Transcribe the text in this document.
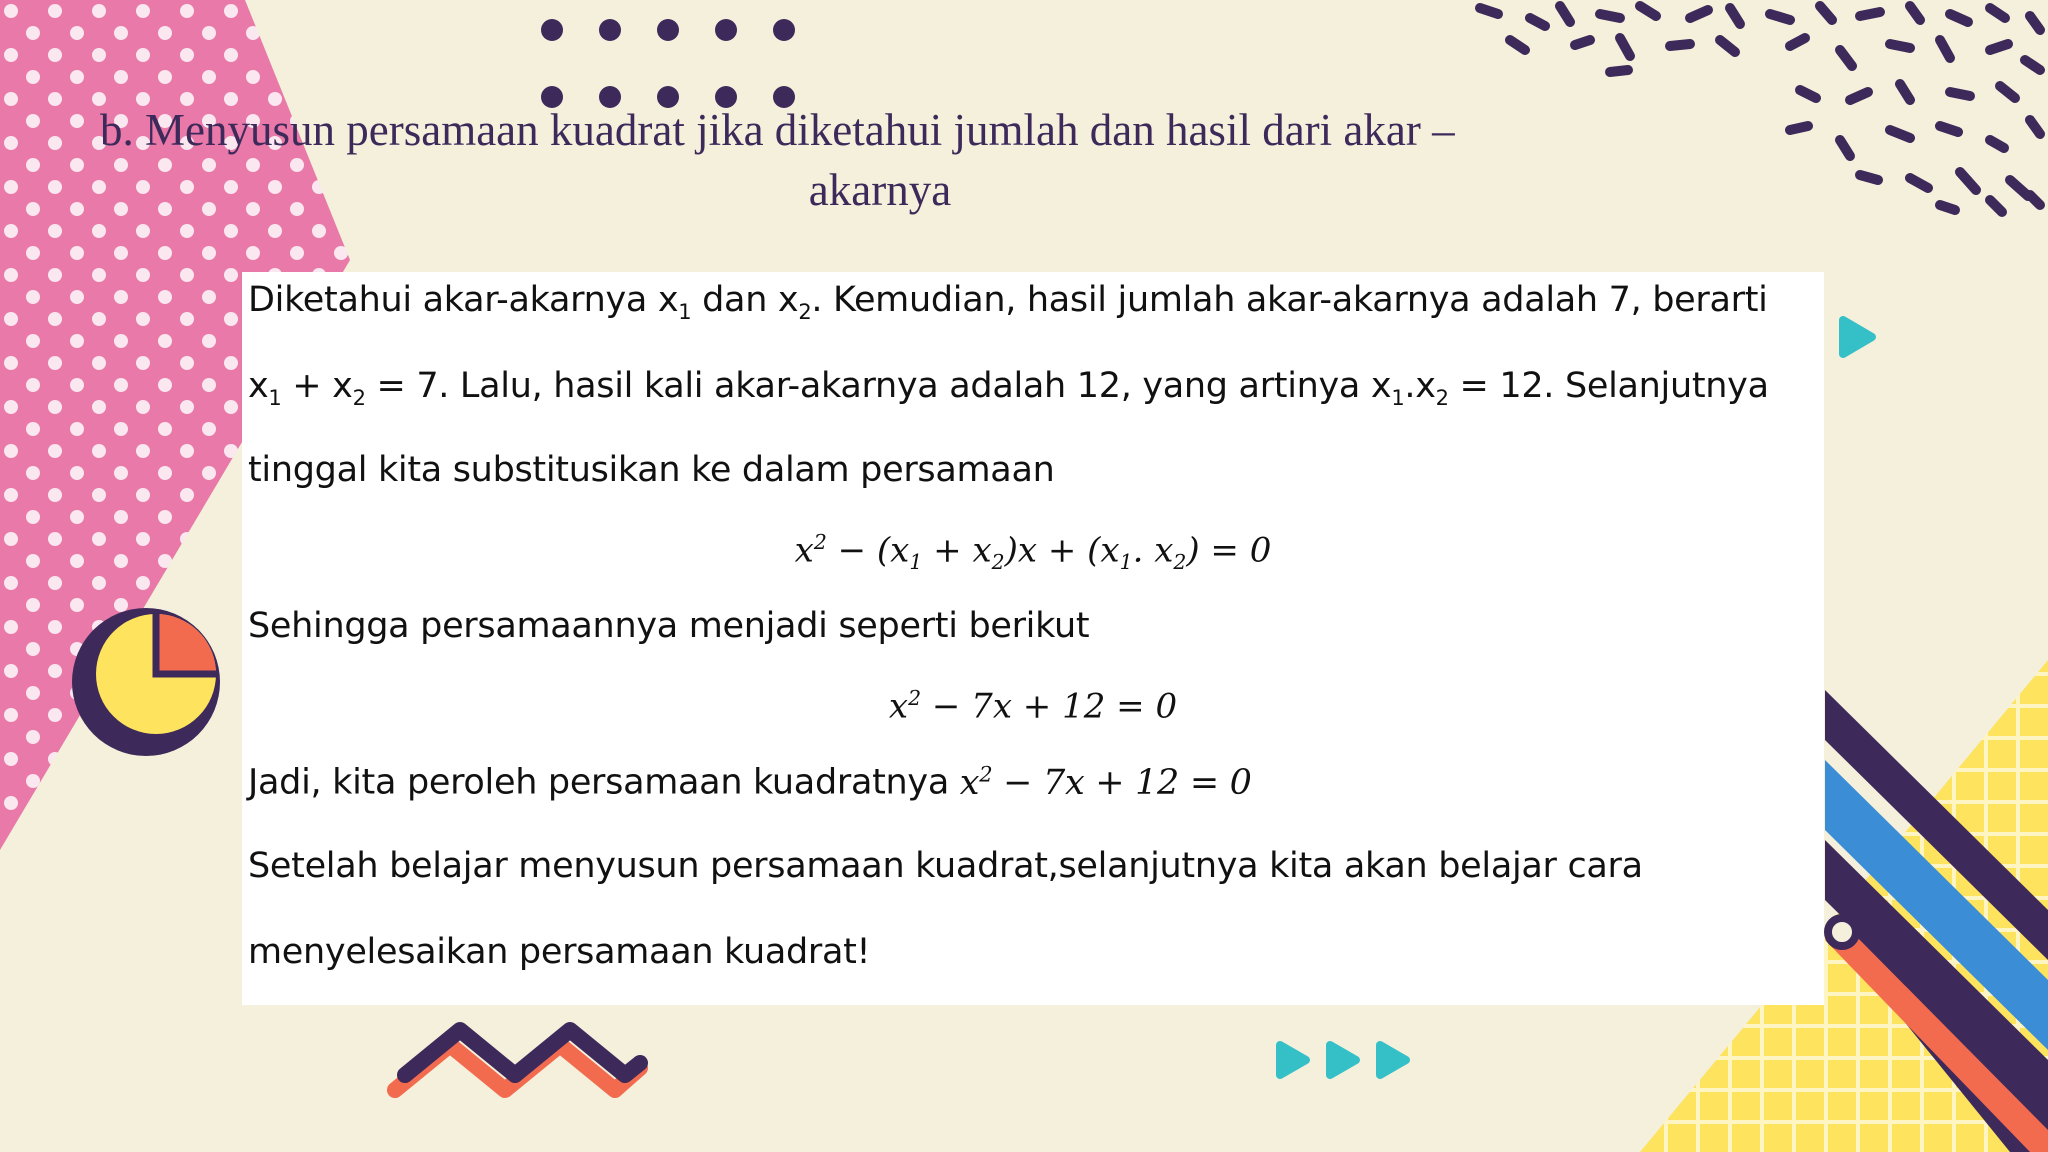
b. Menyusun persamaan kuadrat jika diketahui jumlah dan hasil dari akar –
akarnya
Diketahui akar-akarnya $x_1$ dan $x_2$. Kemudian, hasil jumlah akar-akarnya adalah 7, berarti
$x_1 + x_2 = 7$. Lalu, hasil kali akar-akarnya adalah 12, yang artinya $x_1.x_2 = 12$. Selanjutnya
tinggal kita substitusikan ke dalam persamaan
$x^2 - (x_1 + x_2)x + (x_1$. $x_2) = 0$
Sehingga persamaannya menjadi seperti berikut
$x^2 - 7x + 12 = 0$
Jadi, kita peroleh persamaan kuadratnya $x^2 - 7x + 12 = 0$
Setelah belajar menyusun persamaan kuadrat,selanjutnya kita akan belajar cara
menyelesaikan persamaan kuadrat!
